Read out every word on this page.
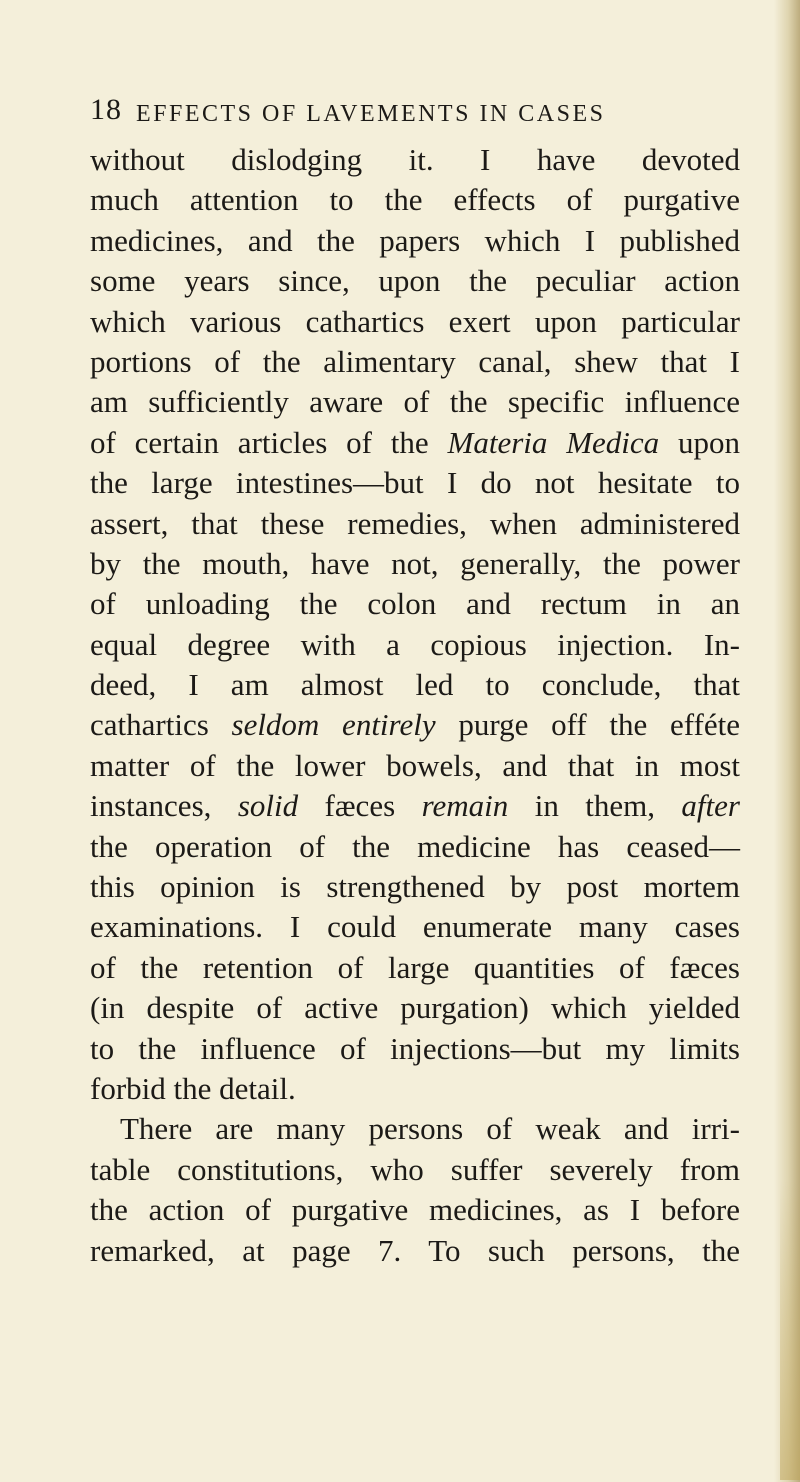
18 EFFECTS OF LAVEMENTS IN CASES
without dislodging it. I have devoted
much attention to the effects of purgative
medicines, and the papers which I published
some years since, upon the peculiar action
which various cathartics exert upon particular
portions of the alimentary canal, shew that I
am sufficiently aware of the specific influence
of certain articles of the Materia Medica upon
the large intestines—but I do not hesitate to
assert, that these remedies, when administered
by the mouth, have not, generally, the power
of unloading the colon and rectum in an
equal degree with a copious injection. In-
deed, I am almost led to conclude, that
cathartics seldom entirely purge off the efféte
matter of the lower bowels, and that in most
instances, solid fæces remain in them, after
the operation of the medicine has ceased—
this opinion is strengthened by post mortem
examinations. I could enumerate many cases
of the retention of large quantities of fæces
(in despite of active purgation) which yielded
to the influence of injections—but my limits
forbid the detail.
There are many persons of weak and irri-
table constitutions, who suffer severely from
the action of purgative medicines, as I before
remarked, at page 7. To such persons, the
